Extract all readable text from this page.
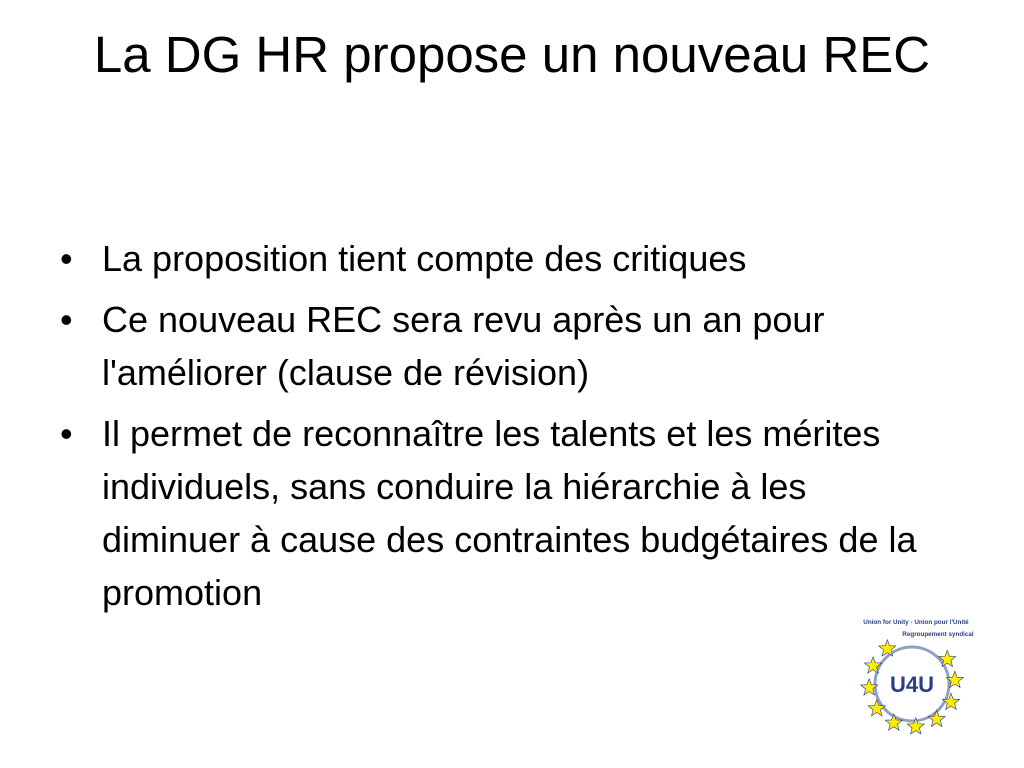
La DG HR propose un nouveau REC
• La proposition tient compte des critiques
• Ce nouveau REC sera revu après un an pour l'améliorer (clause de révision)
• Il permet de reconnaître les talents et les mérites individuels, sans conduire la hiérarchie à les diminuer à cause des contraintes budgétaires de la promotion
Union for Unity - Union pour l'Unité
Regroupement syndical
U4U
